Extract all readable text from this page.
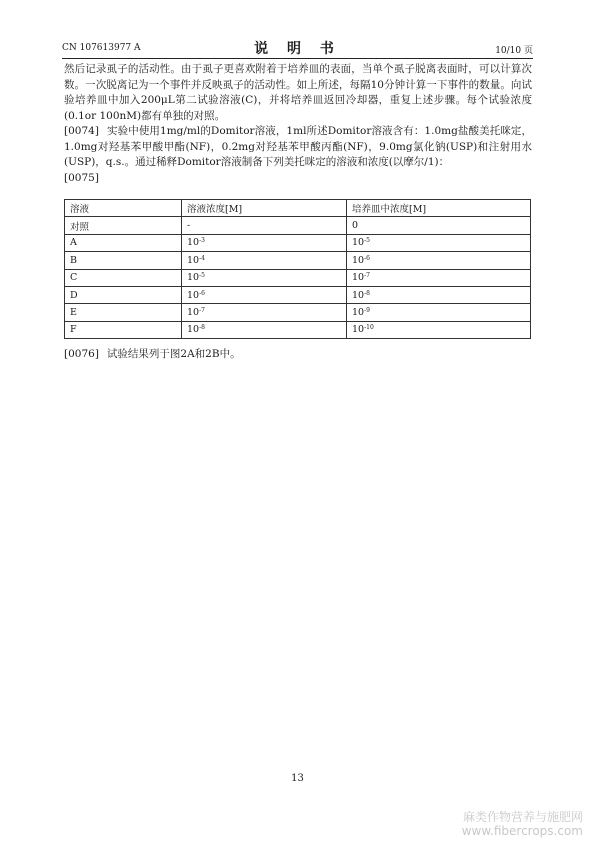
CN 107613977 A	说 明 书	10/10 页

然后记录虱子的活动性。由于虱子更喜欢附着于培养皿的表面，当单个虱子脱离表面时，可以计算次数。一次脱离记为一个事件并反映虱子的活动性。如上所述，每隔10分钟计算一下事件的数量。向试验培养皿中加入200μL第二试验溶液(C)，并将培养皿返回冷却器，重复上述步骤。每个试验浓度(0.1or 100nM)都有单独的对照。

[0074] 实验中使用1mg/ml的Domitor溶液，1ml所述Domitor溶液含有：1.0mg盐酸美托咪定，1.0mg对羟基苯甲酸甲酯(NF)，0.2mg对羟基苯甲酸丙酯(NF)，9.0mg氯化钠(USP)和注射用水(USP)，q.s.。通过稀释Domitor溶液制备下列美托咪定的溶液和浓度(以摩尔/1)：

[0075]

溶液	溶液浓度[M]	培养皿中浓度[M]
对照	-	0
A	$10^{-3}$	$10^{-5}$
B	$10^{-4}$	$10^{-6}$
C	$10^{-5}$	$10^{-7}$
D	$10^{-6}$	$10^{-8}$
E	$10^{-7}$	$10^{-9}$
F	$10^{-8}$	$10^{-10}$
[0076] 试验结果列于图2A和2B中。
13
麻类作物营养与施肥网
www.fibercrops.com
